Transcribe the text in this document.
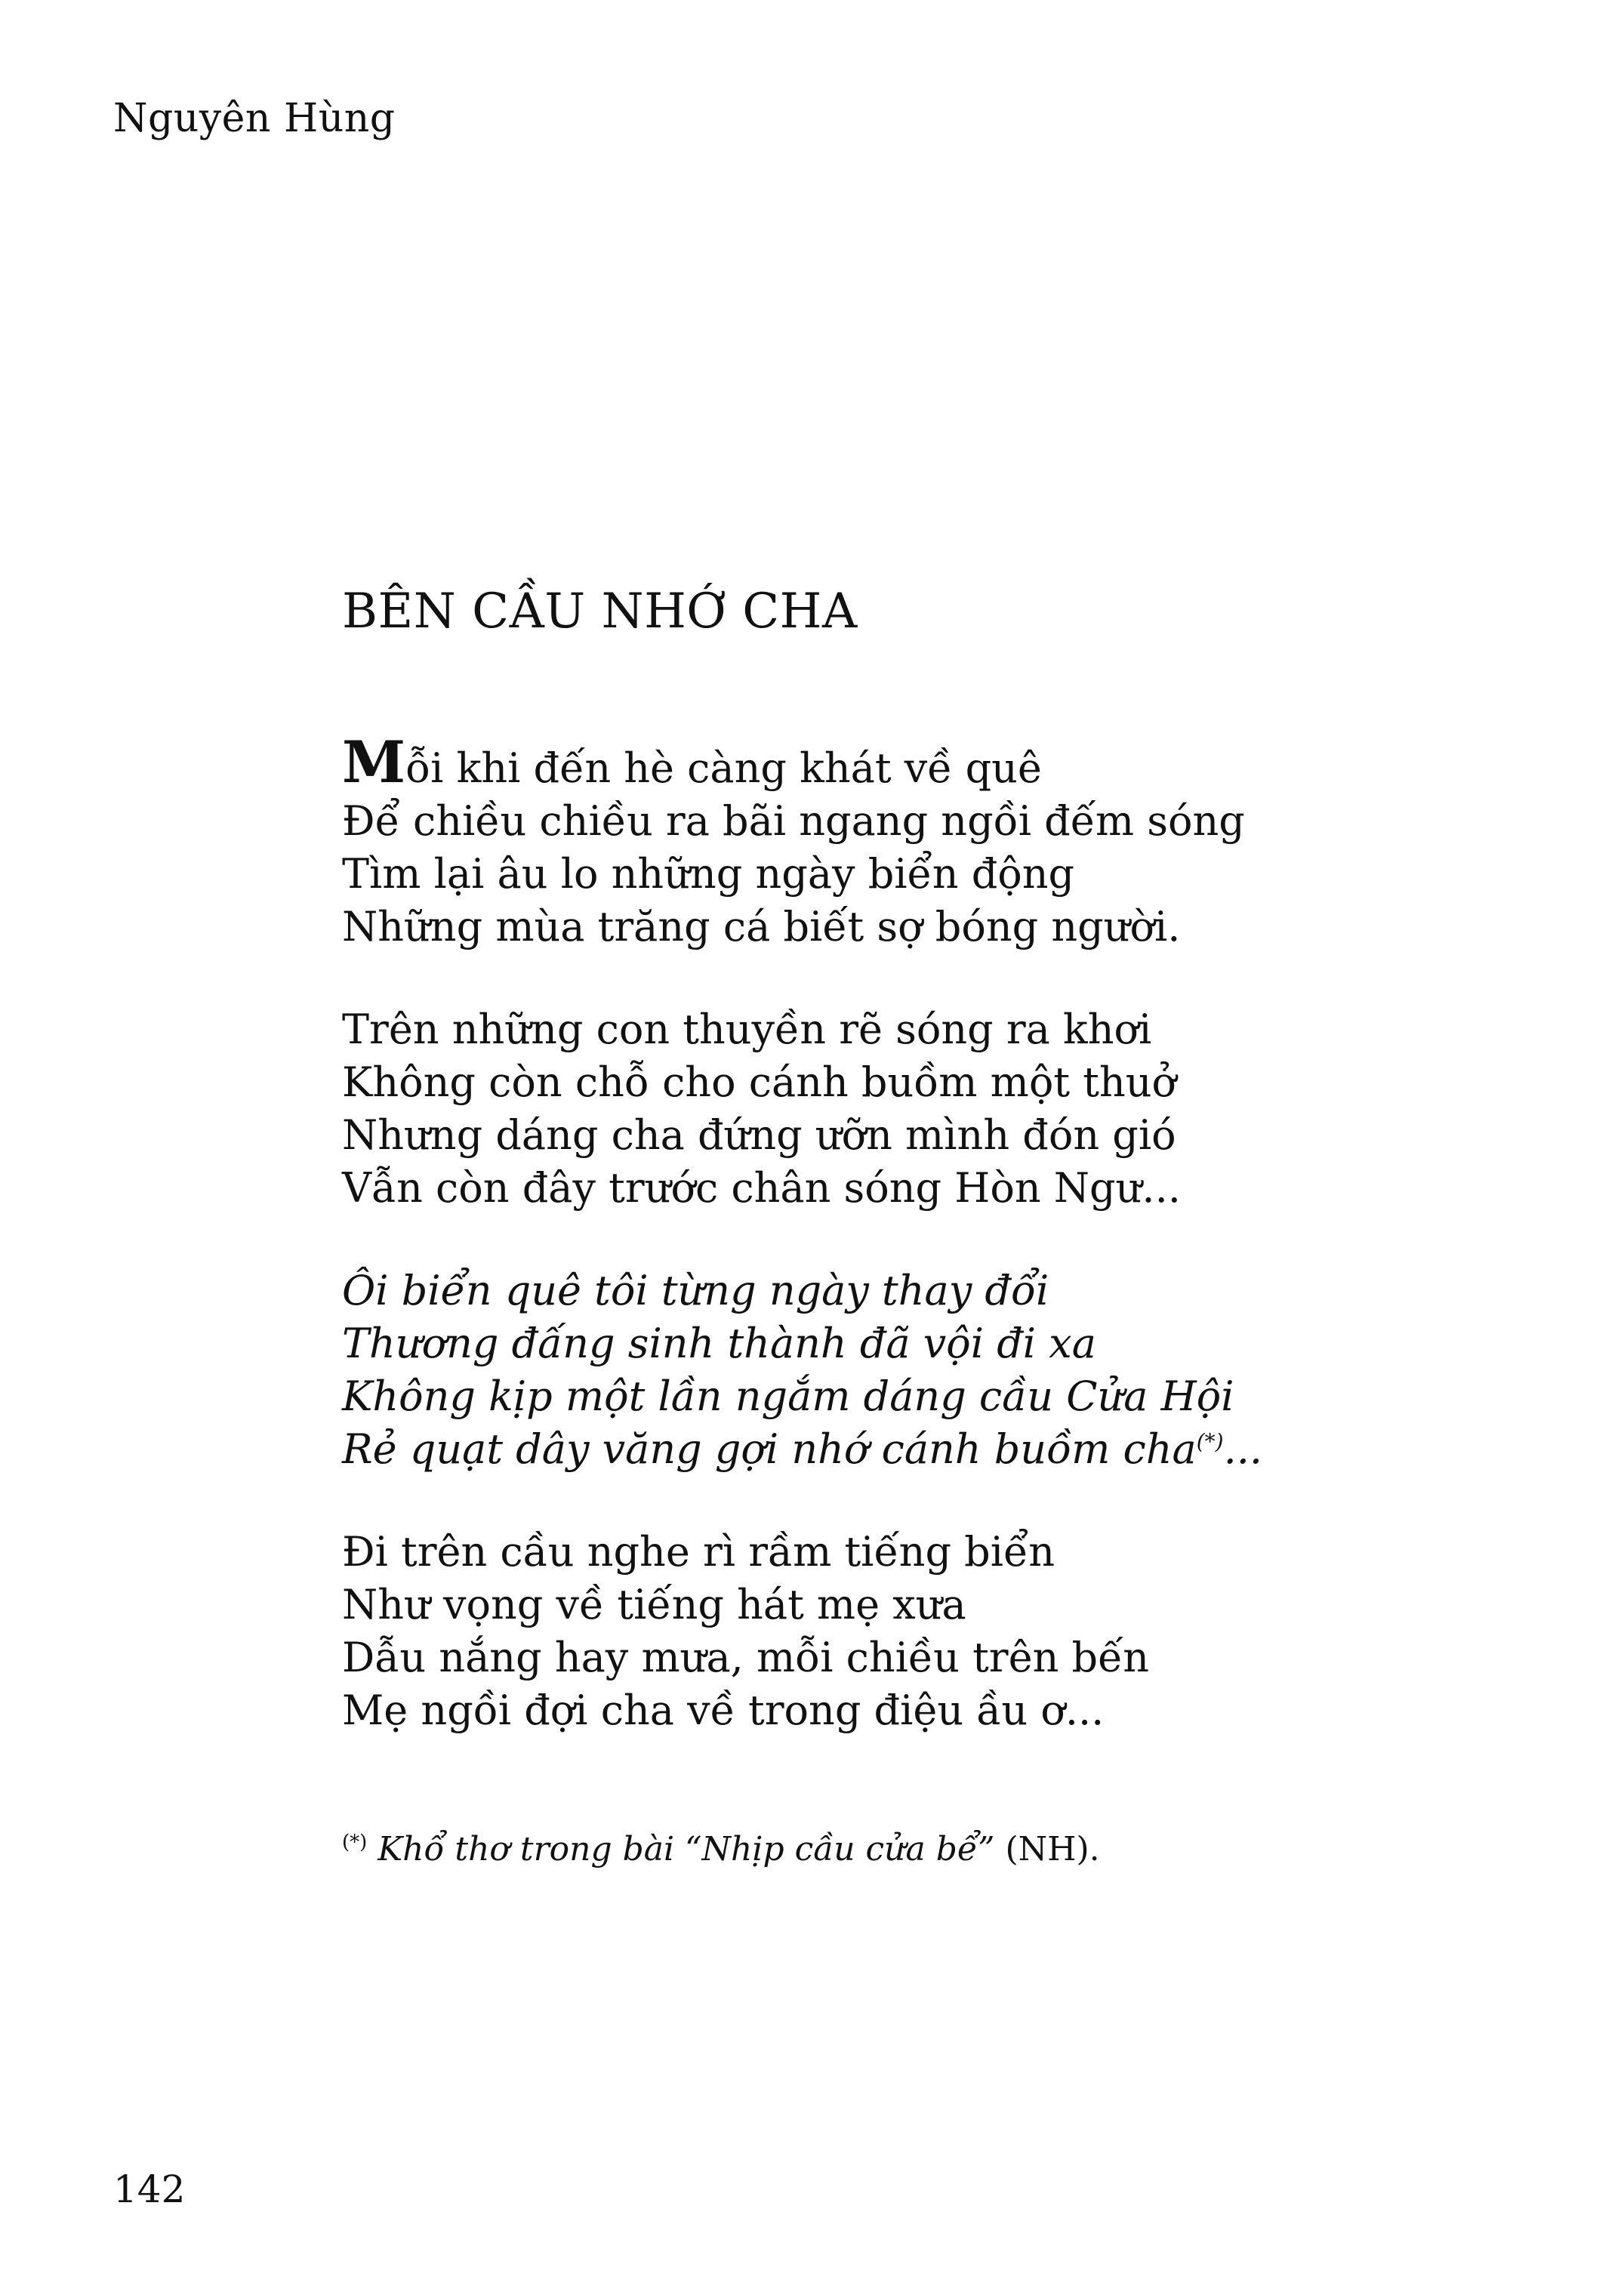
Nguyên Hùng
BÊN CẦU NHỚ CHA
Mỗi khi đến hè càng khát về quê
Để chiều chiều ra bãi ngang ngồi đếm sóng
Tìm lại âu lo những ngày biển động
Những mùa trăng cá biết sợ bóng người.
Trên những con thuyền rẽ sóng ra khơi
Không còn chỗ cho cánh buồm một thuở
Nhưng dáng cha đứng ưỡn mình đón gió
Vẫn còn đây trước chân sóng Hòn Ngư...
Ôi biển quê tôi từng ngày thay đổi
Thương đấng sinh thành đã vội đi xa
Không kịp một lần ngắm dáng cầu Cửa Hội
Rẻ quạt dây văng gợi nhớ cánh buồm cha(*)...
Đi trên cầu nghe rì rầm tiếng biển
Như vọng về tiếng hát mẹ xưa
Dẫu nắng hay mưa, mỗi chiều trên bến
Mẹ ngồi đợi cha về trong điệu ầu ơ...
(*) Khổ thơ trong bài “Nhịp cầu cửa bể” (NH).
142
